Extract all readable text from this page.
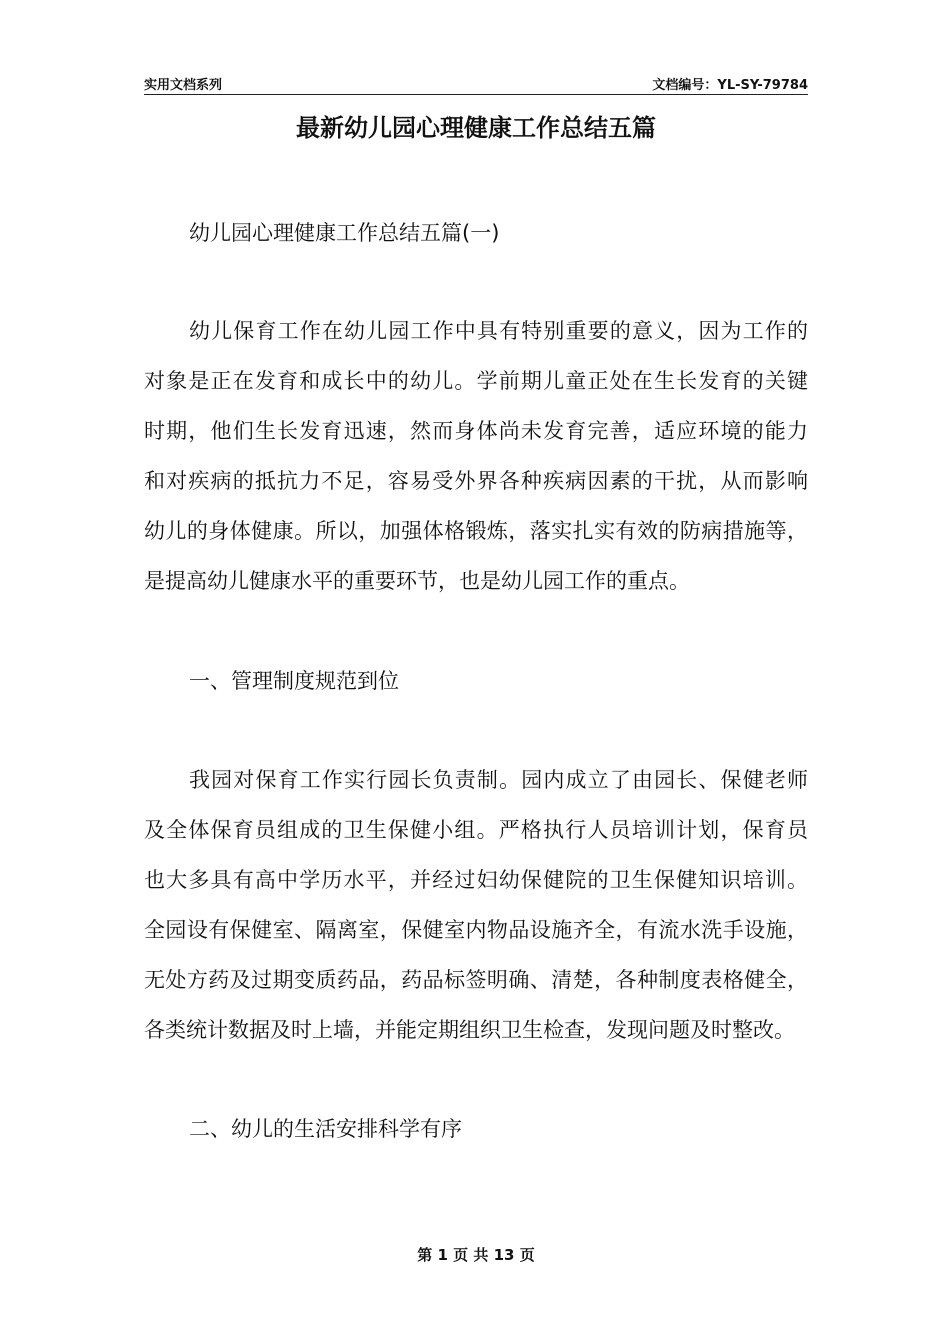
实用文档系列	文档编号：YL-SY-79784
最新幼儿园心理健康工作总结五篇
幼儿园心理健康工作总结五篇(一)
幼儿保育工作在幼儿园工作中具有特别重要的意义，因为工作的
对象是正在发育和成长中的幼儿。学前期儿童正处在生长发育的关键
时期，他们生长发育迅速，然而身体尚未发育完善，适应环境的能力
和对疾病的抵抗力不足，容易受外界各种疾病因素的干扰，从而影响
幼儿的身体健康。所以，加强体格锻炼，落实扎实有效的防病措施等，
是提高幼儿健康水平的重要环节，也是幼儿园工作的重点。
一、管理制度规范到位
我园对保育工作实行园长负责制。园内成立了由园长、保健老师
及全体保育员组成的卫生保健小组。严格执行人员培训计划，保育员
也大多具有高中学历水平，并经过妇幼保健院的卫生保健知识培训。
全园设有保健室、隔离室，保健室内物品设施齐全，有流水洗手设施，
无处方药及过期变质药品，药品标签明确、清楚，各种制度表格健全，
各类统计数据及时上墙，并能定期组织卫生检查，发现问题及时整改。
二、幼儿的生活安排科学有序
第 1 页 共 13 页
